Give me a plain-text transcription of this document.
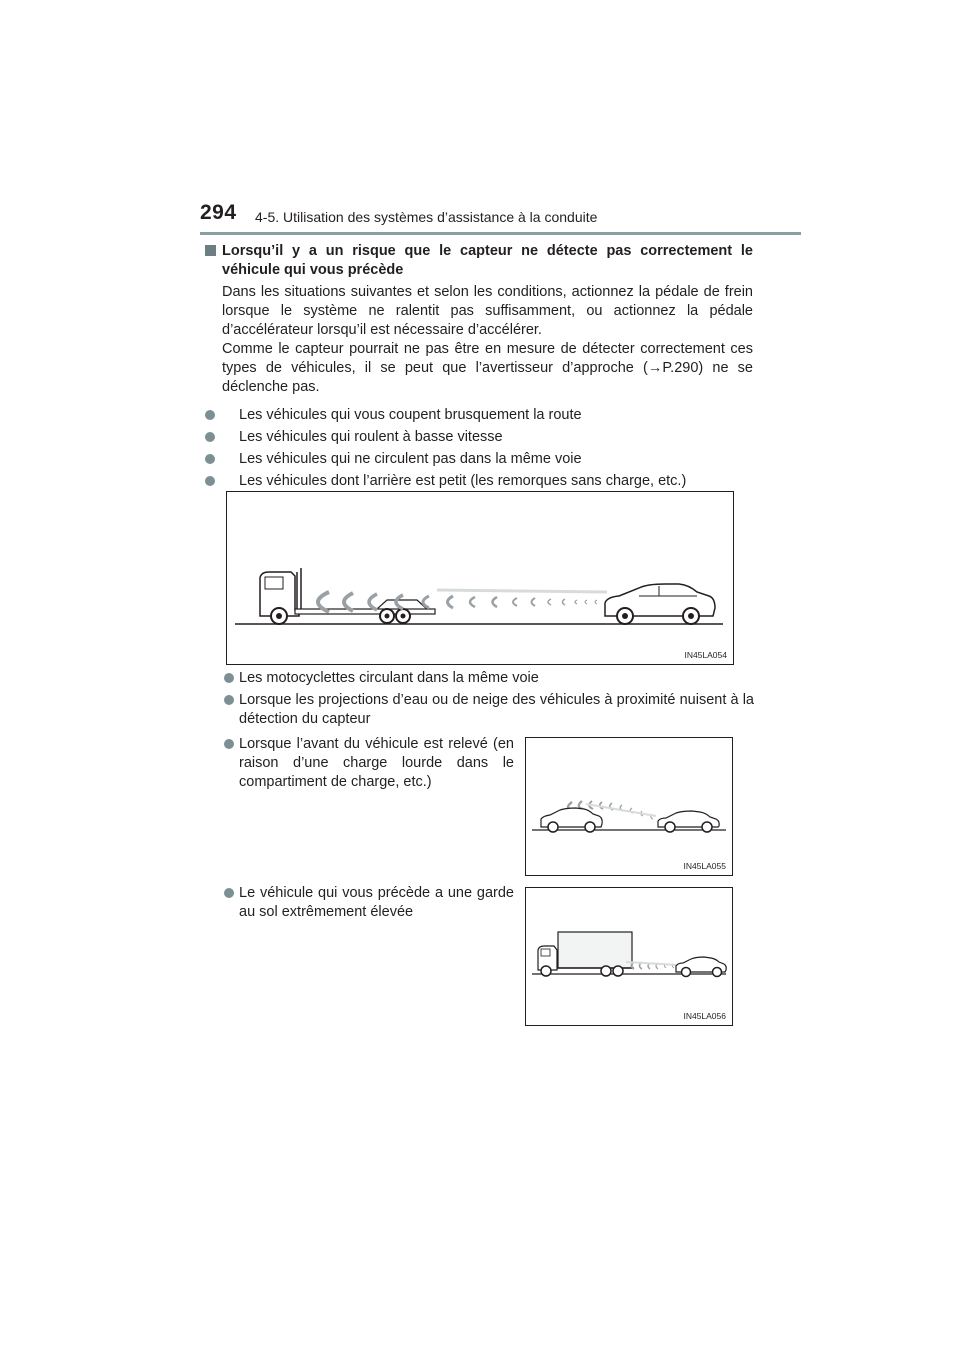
294 4-5. Utilisation des systèmes d’assistance à la conduite
Lorsqu’il y a un risque que le capteur ne détecte pas correctement le véhicule qui vous précède
Dans les situations suivantes et selon les conditions, actionnez la pédale de frein lorsque le système ne ralentit pas suffisamment, ou actionnez la pédale d’accélérateur lorsqu’il est nécessaire d’accélérer.
Comme le capteur pourrait ne pas être en mesure de détecter correctement ces types de véhicules, il se peut que l’avertisseur d’approche (→P.290) ne se déclenche pas.
Les véhicules qui vous coupent brusquement la route
Les véhicules qui roulent à basse vitesse
Les véhicules qui ne circulent pas dans la même voie
Les véhicules dont l’arrière est petit (les remorques sans charge, etc.)
IN45LA054
Les motocyclettes circulant dans la même voie
Lorsque les projections d’eau ou de neige des véhicules à proximité nuisent à la détection du capteur
Lorsque l’avant du véhicule est relevé (en raison d’une charge lourde dans le compartiment de charge, etc.)
IN45LA055
Le véhicule qui vous précède a une garde au sol extrêmement élevée
IN45LA056
